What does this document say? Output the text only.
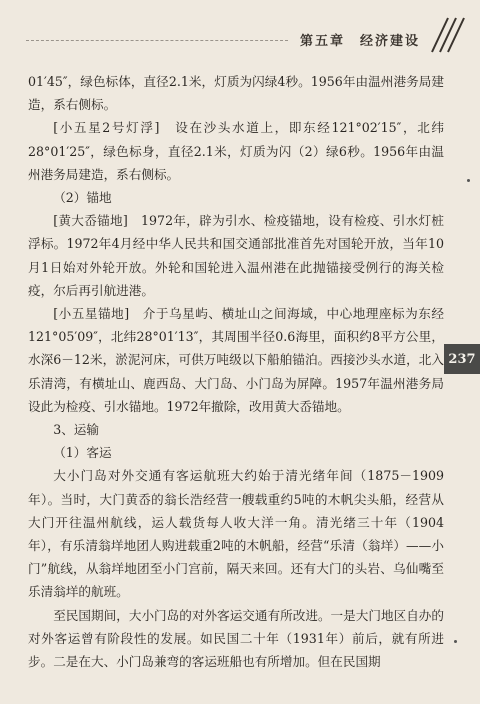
第五章　经济建设

01′45″，绿色标体，直径2.1米，灯质为闪绿4秒。1956年由温州港务局建造，系右侧标。

[小五星2号灯浮]　设在沙头水道上，即东经121°02′15″，北纬28°01′25″，绿色标身，直径2.1米，灯质为闪（2）绿6秒。1956年由温州港务局建造，系右侧标。

（2）锚地

[黄大岙锚地]　1972年，辟为引水、检疫锚地，设有检疫、引水灯桩浮标。1972年4月经中华人民共和国交通部批准首先对国轮开放，当年10月1日始对外轮开放。外轮和国轮进入温州港在此抛锚接受例行的海关检疫，尔后再引航进港。

[小五星锚地]　介于乌星屿、横址山之间海域，中心地理座标为东经121°05′09″，北纬28°01′13″，其周围半径0.6海里，面积约8平方公里，水深6－12米，淤泥河床，可供万吨级以下船舶锚泊。西接沙头水道，北入乐清湾，有横址山、鹿西岛、大门岛、小门岛为屏障。1957年温州港务局设此为检疫、引水锚地。1972年撤除，改用黄大岙锚地。

3、运输

（1）客运

大小门岛对外交通有客运航班大约始于清光绪年间（1875－1909年）。当时，大门黄岙的翁长浩经营一艘载重约5吨的木帆尖头船，经营从大门开往温州航线，运人载货每人收大洋一角。清光绪三十年（1904年），有乐清翁垟地团人购进载重2吨的木帆船，经营“乐清（翁垟）——小门”航线，从翁垟地团至小门宫前，隔天来回。还有大门的头岩、乌仙嘴至乐清翁垟的航班。

至民国期间，大小门岛的对外客运交通有所改进。一是大门地区自办的对外客运曾有阶段性的发展。如民国二十年（1931年）前后，就有所进步。二是在大、小门岛兼弯的客运班船也有所增加。但在民国期

237
